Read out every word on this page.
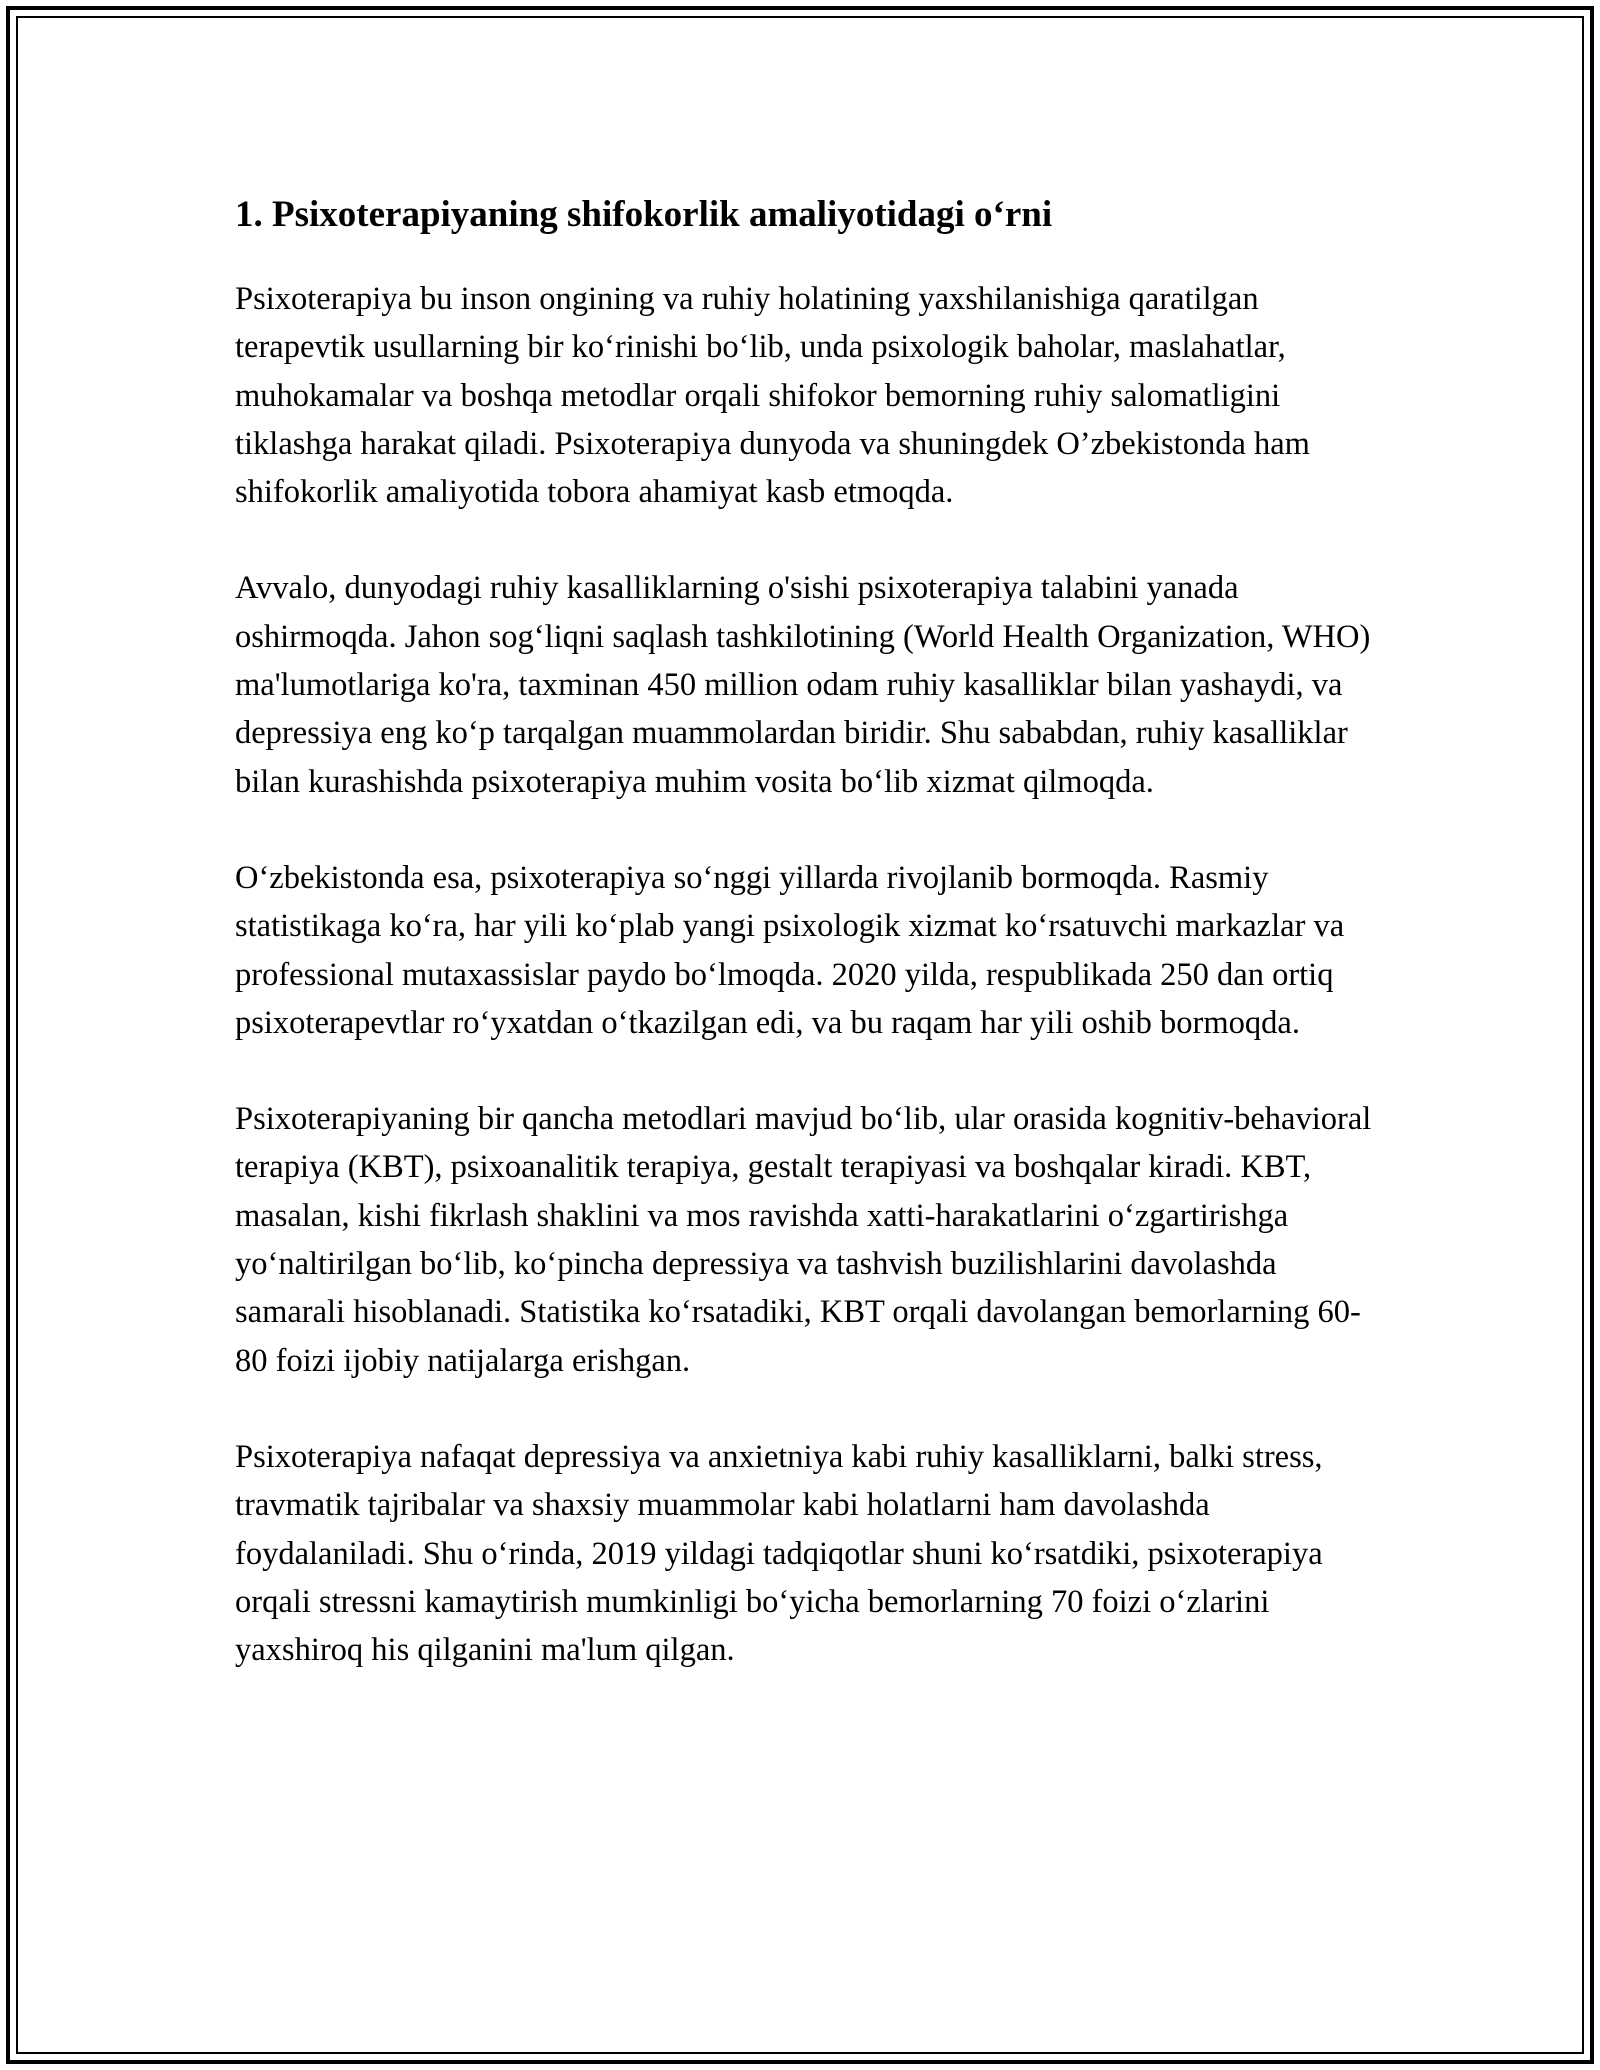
1. Psixoterapiyaning shifokorlik amaliyotidagi o‘rni

Psixoterapiya bu inson ongining va ruhiy holatining yaxshilanishiga qaratilgan terapevtik usullarning bir ko‘rinishi bo‘lib, unda psixologik baholar, maslahatlar, muhokamalar va boshqa metodlar orqali shifokor bemorning ruhiy salomatligini tiklashga harakat qiladi. Psixoterapiya dunyoda va shuningdek O’zbekistonda ham shifokorlik amaliyotida tobora ahamiyat kasb etmoqda.

Avvalo, dunyodagi ruhiy kasalliklarning o'sishi psixoterapiya talabini yanada oshirmoqda. Jahon sog‘liqni saqlash tashkilotining (World Health Organization, WHO) ma'lumotlariga ko'ra, taxminan 450 million odam ruhiy kasalliklar bilan yashaydi, va depressiya eng ko‘p tarqalgan muammolardan biridir. Shu sababdan, ruhiy kasalliklar bilan kurashishda psixoterapiya muhim vosita bo‘lib xizmat qilmoqda.

O‘zbekistonda esa, psixoterapiya so‘nggi yillarda rivojlanib bormoqda. Rasmiy statistikaga ko‘ra, har yili ko‘plab yangi psixologik xizmat ko‘rsatuvchi markazlar va professional mutaxassislar paydo bo‘lmoqda. 2020 yilda, respublikada 250 dan ortiq psixoterapevtlar ro‘yxatdan o‘tkazilgan edi, va bu raqam har yili oshib bormoqda.

Psixoterapiyaning bir qancha metodlari mavjud bo‘lib, ular orasida kognitiv-behavioral terapiya (KBT), psixoanalitik terapiya, gestalt terapiyasi va boshqalar kiradi. KBT, masalan, kishi fikrlash shaklini va mos ravishda xatti-harakatlarini o‘zgartirishga yo‘naltirilgan bo‘lib, ko‘pincha depressiya va tashvish buzilishlarini davolashda samarali hisoblanadi. Statistika ko‘rsatadiki, KBT orqali davolangan bemorlarning 60-80 foizi ijobiy natijalarga erishgan.

Psixoterapiya nafaqat depressiya va anxietniya kabi ruhiy kasalliklarni, balki stress, travmatik tajribalar va shaxsiy muammolar kabi holatlarni ham davolashda foydalaniladi. Shu o‘rinda, 2019 yildagi tadqiqotlar shuni ko‘rsatdiki, psixoterapiya orqali stressni kamaytirish mumkinligi bo‘yicha bemorlarning 70 foizi o‘zlarini yaxshiroq his qilganini ma'lum qilgan.
